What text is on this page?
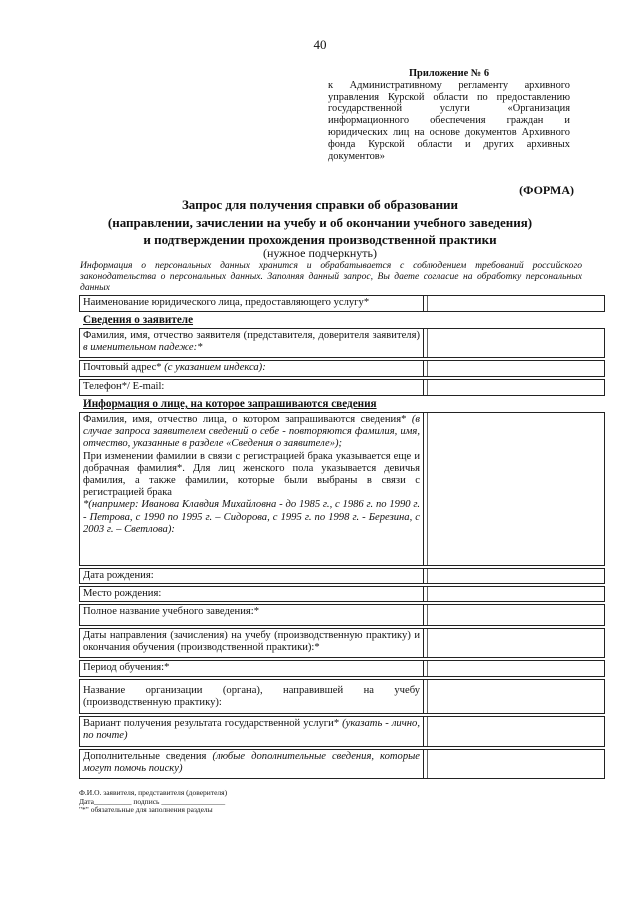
40
Приложение № 6
к Административному регламенту архивного управления Курской области по предоставлению государственной услуги «Организация информационного обеспечения граждан и юридических лиц на основе документов Архивного фонда Курской области и других архивных документов»
(ФОРМА)
Запрос для получения справки об образовании
(направлении, зачислении на учебу и об окончании учебного заведения)
и подтверждении прохождения производственной практики
(нужное подчеркнуть)
Информация о персональных данных хранится и обрабатывается с соблюдением требований российского законодательства о персональных данных. Заполняя данный запрос, Вы даете согласие на обработку персональных данных
Наименование юридического лица, предоставляющего услугу*
Сведения о заявителе
Фамилия, имя, отчество заявителя (представителя, доверителя заявителя) в именительном падеже:*
Почтовый адрес* (с указанием индекса):
Телефон*/ E-mail:
Информация о лице, на которое запрашиваются сведения
Фамилия, имя, отчество лица, о котором запрашиваются сведения* (в случае запроса заявителем сведений о себе - повторяются фамилия, имя, отчество, указанные в разделе «Сведения о заявителе»);
При изменении фамилии в связи с регистрацией брака указывается еще и добрачная фамилия*. Для лиц женского пола указывается девичья фамилия, а также фамилии, которые были выбраны в связи с регистрацией брака
*(например: Иванова Клавдия Михайловна - до 1985 г., с 1986 г. по 1990 г. - Петрова, с 1990 по 1995 г. – Сидорова, с 1995 г. по 1998 г. - Березина, с 2003 г. – Светлова):
Дата рождения:
Место рождения:
Полное название учебного заведения:*
Даты направления (зачисления) на учебу (производственную практику) и окончания обучения (производственной практики):*
Период обучения:*
Название организации (органа), направившей на учебу (производственную практику):
Вариант получения результата государственной услуги* (указать - лично, по почте)
Дополнительные сведения (любые дополнительные сведения, которые могут помочь поиску)
Ф.И.О. заявителя, представителя (доверителя)
Дата__________ подпись _________________
"*" обязательные для заполнения разделы
